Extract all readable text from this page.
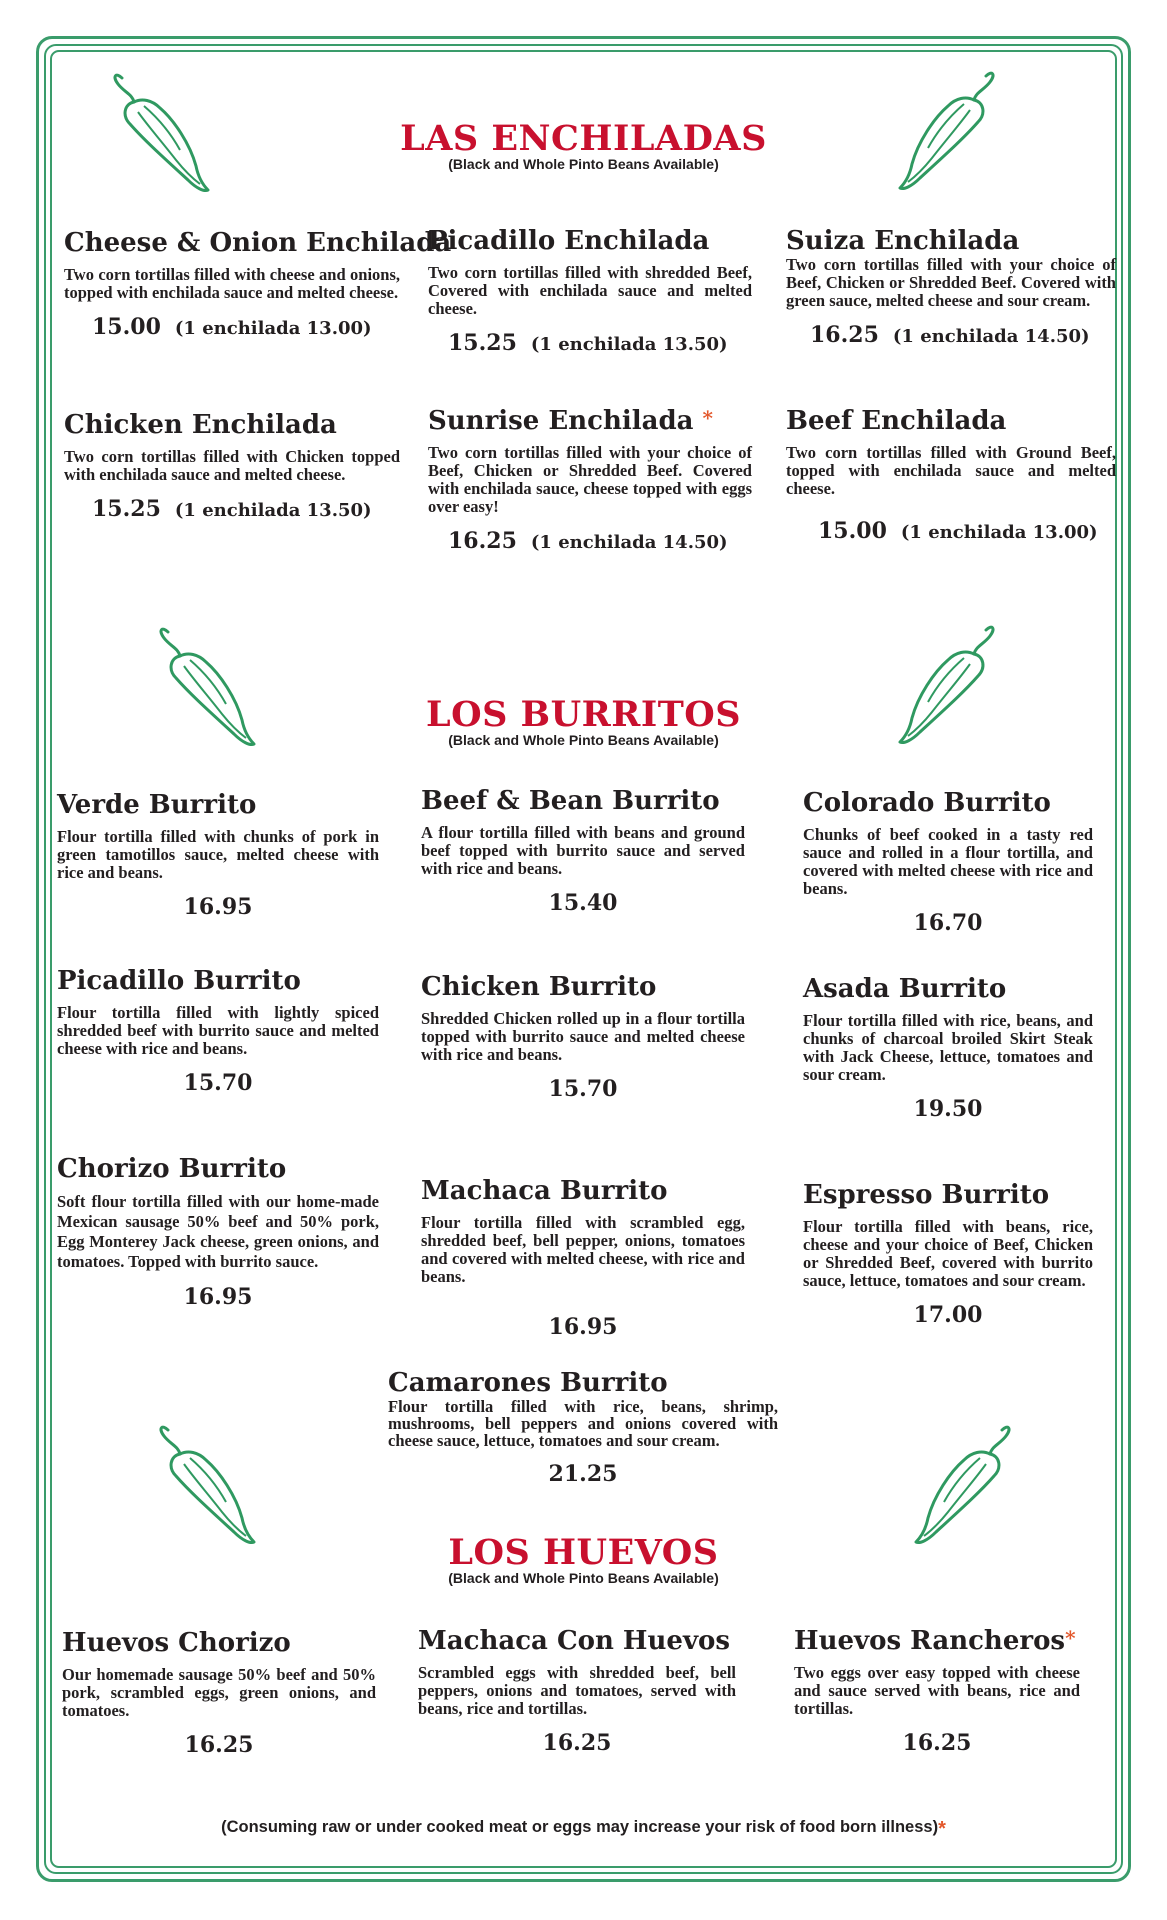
LAS ENCHILADAS
(Black and Whole Pinto Beans Available)
Cheese & Onion Enchilada
Two corn tortillas filled with cheese and onions, topped with enchilada sauce and melted cheese.
15.00 (1 enchilada 13.00)
Picadillo Enchilada
Two corn tortillas filled with shredded Beef, Covered with enchilada sauce and melted cheese.
15.25 (1 enchilada 13.50)
Suiza Enchilada
Two corn tortillas filled with your choice of Beef, Chicken or Shredded Beef. Covered with green sauce, melted cheese and sour cream.
16.25 (1 enchilada 14.50)
Chicken Enchilada
Two corn tortillas filled with Chicken topped with enchilada sauce and melted cheese.
15.25 (1 enchilada 13.50)
Sunrise Enchilada *
Two corn tortillas filled with your choice of Beef, Chicken or Shredded Beef. Covered with enchilada sauce, cheese topped with eggs over easy!
16.25 (1 enchilada 14.50)
Beef Enchilada
Two corn tortillas filled with Ground Beef, topped with enchilada sauce and melted cheese.
15.00 (1 enchilada 13.00)
LOS BURRITOS
(Black and Whole Pinto Beans Available)
Verde Burrito
Flour tortilla filled with chunks of pork in green tamotillos sauce, melted cheese with rice and beans.
16.95
Beef & Bean Burrito
A flour tortilla filled with beans and ground beef topped with burrito sauce and served with rice and beans.
15.40
Colorado Burrito
Chunks of beef cooked in a tasty red sauce and rolled in a flour tortilla, and covered with melted cheese with rice and beans.
16.70
Picadillo Burrito
Flour tortilla filled with lightly spiced shredded beef with burrito sauce and melted cheese with rice and beans.
15.70
Chicken Burrito
Shredded Chicken rolled up in a flour tortilla topped with burrito sauce and melted cheese with rice and beans.
15.70
Asada Burrito
Flour tortilla filled with rice, beans, and chunks of charcoal broiled Skirt Steak with Jack Cheese, lettuce, tomatoes and sour cream.
19.50
Chorizo Burrito
Soft flour tortilla filled with our home-made Mexican sausage 50% beef and 50% pork, Egg Monterey Jack cheese, green onions, and tomatoes. Topped with burrito sauce.
16.95
Machaca Burrito
Flour tortilla filled with scrambled egg, shredded beef, bell pepper, onions, tomatoes and covered with melted cheese, with rice and beans.
16.95
Espresso Burrito
Flour tortilla filled with beans, rice, cheese and your choice of Beef, Chicken or Shredded Beef, covered with burrito sauce, lettuce, tomatoes and sour cream.
17.00
Camarones Burrito
Flour tortilla filled with rice, beans, shrimp, mushrooms, bell peppers and onions covered with cheese sauce, lettuce, tomatoes and sour cream.
21.25
LOS HUEVOS
(Black and Whole Pinto Beans Available)
Huevos Chorizo
Our homemade sausage 50% beef and 50% pork, scrambled eggs, green onions, and tomatoes.
16.25
Machaca Con Huevos
Scrambled eggs with shredded beef, bell peppers, onions and tomatoes, served with beans, rice and tortillas.
16.25
Huevos Rancheros*
Two eggs over easy topped with cheese and sauce served with beans, rice and tortillas.
16.25
(Consuming raw or under cooked meat or eggs may increase your risk of food born illness)*
